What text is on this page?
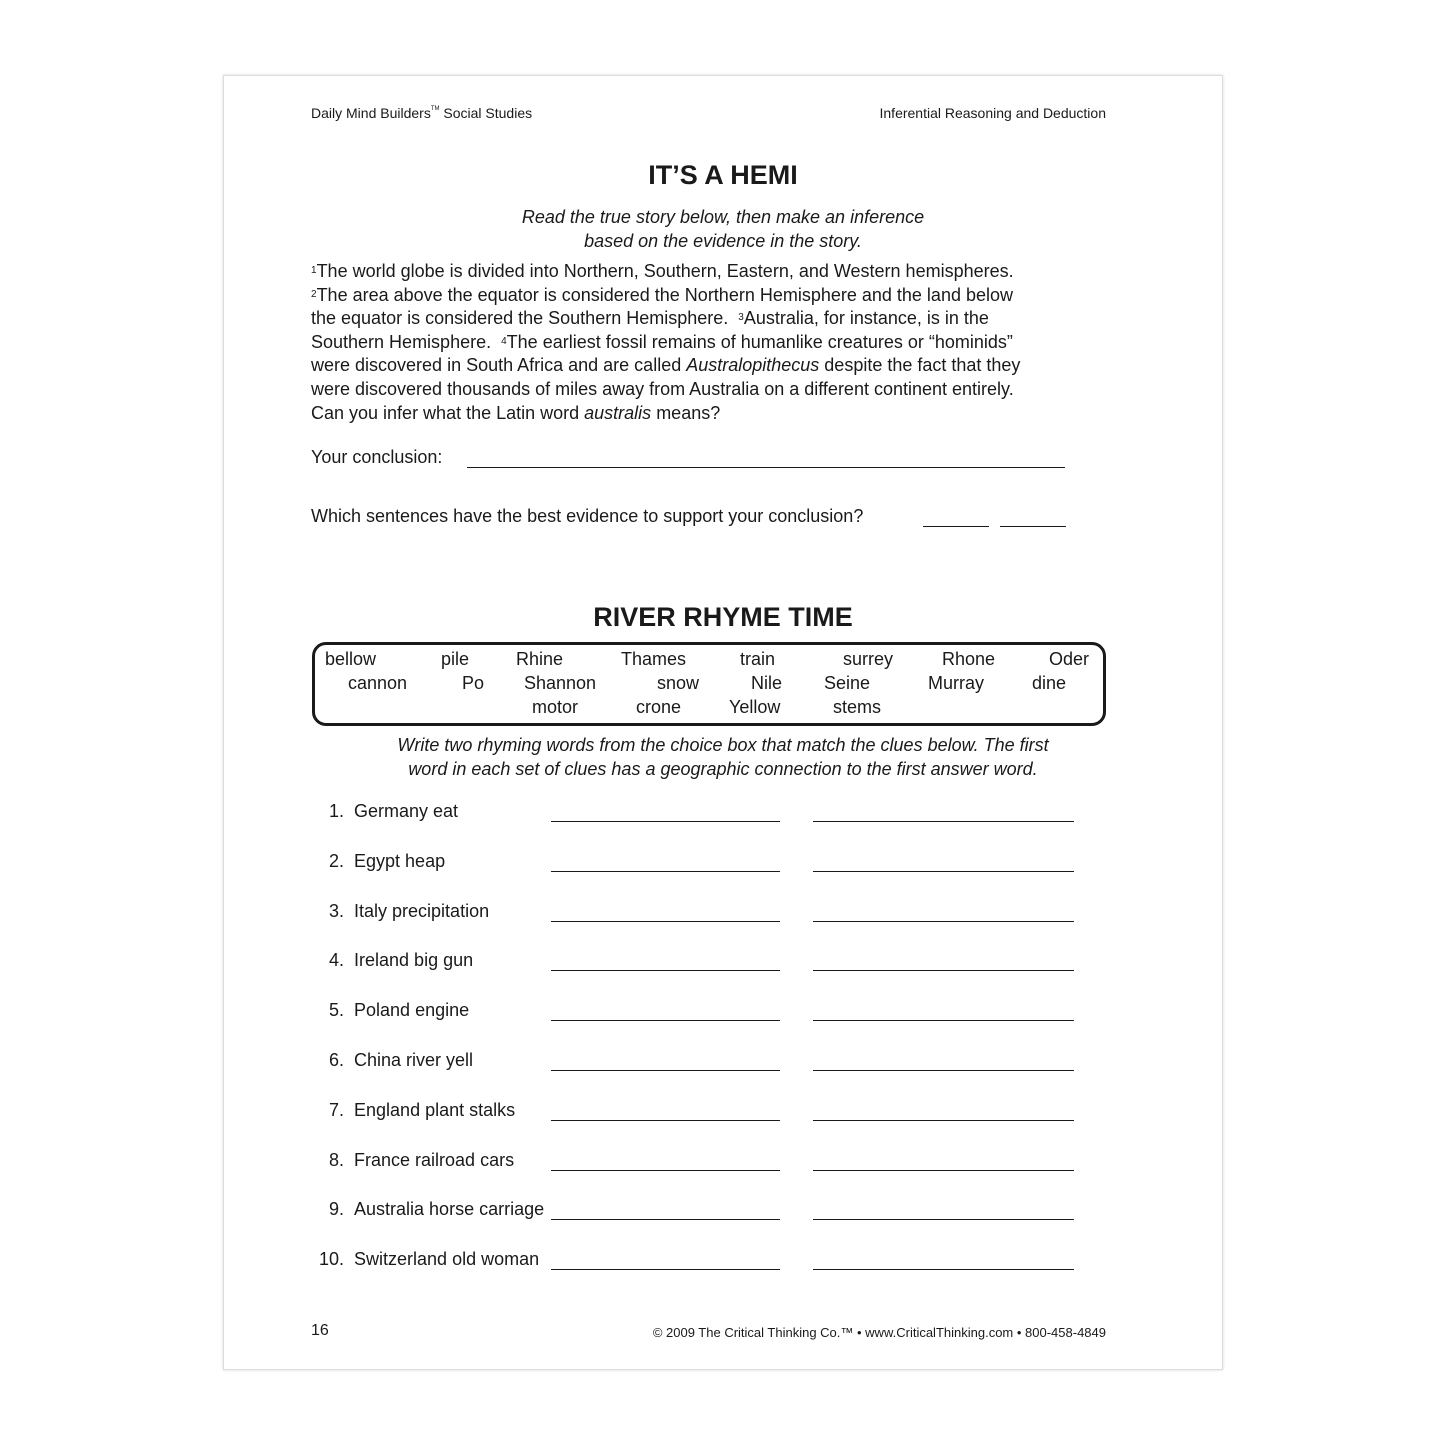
Daily Mind Builders™ Social Studies	Inferential Reasoning and Deduction
IT’S A HEMI
Read the true story below, then make an inference
based on the evidence in the story.
$^1$The world globe is divided into Northern, Southern, Eastern, and Western hemispheres.
$^2$The area above the equator is considered the Northern Hemisphere and the land below
the equator is considered the Southern Hemisphere.  $^3$Australia, for instance, is in the
Southern Hemisphere.  $^4$The earliest fossil remains of humanlike creatures or “hominids”
were discovered in South Africa and are called Australopithecus despite the fact that they
were discovered thousands of miles away from Australia on a different continent entirely.
Can you infer what the Latin word australis means?
Your conclusion:
Which sentences have the best evidence to support your conclusion?
RIVER RHYME TIME
bellow	pile	Rhine	Thames	train	surrey	Rhone	Oder
cannon	Po Shannon	snow	Nile Seine	Murray	dine
motor	crone	Yellow	stems
Write two rhyming words from the choice box that match the clues below. The first
word in each set of clues has a geographic connection to the first answer word.
1. Germany eat
2. Egypt heap
3. Italy precipitation
4. Ireland big gun
5. Poland engine
6. China river yell
7. England plant stalks
8. France railroad cars
9. Australia horse carriage
10. Switzerland old woman
16	© 2009 The Critical Thinking Co.™ • www.CriticalThinking.com • 800-458-4849
